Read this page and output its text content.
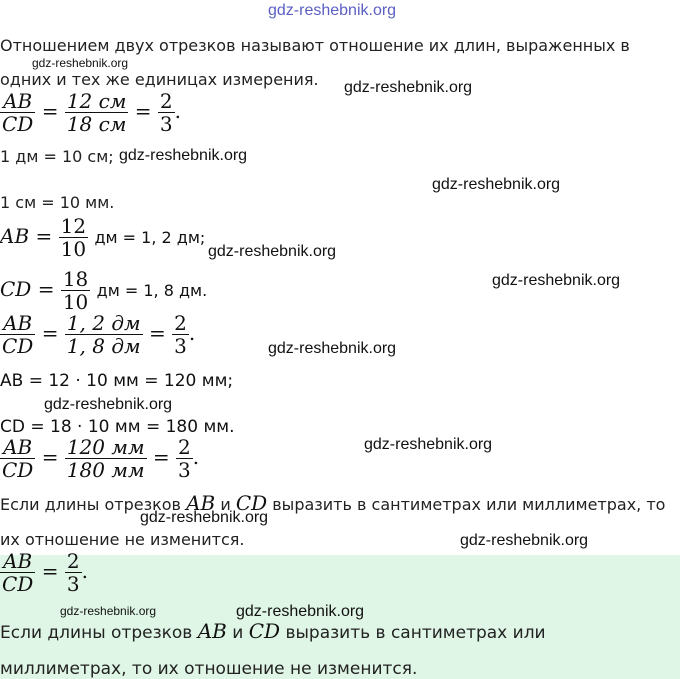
gdz-reshebnik.org
Отношением двух отрезков называют отношение их длин, выраженных в
gdz-reshebnik.org
одних и тех же единицах измерения. gdz-reshebnik.org
$\frac{AB}{CD} = \frac{12 см}{18 см} = \frac{2}{3}$ .
1 дм = 10 см; gdz-reshebnik.org
gdz-reshebnik.org
1 см = 10 мм.
AB = $\frac{12}{10}$ дм = 1, 2 дм;
gdz-reshebnik.org
gdz-reshebnik.org
CD = $\frac{18}{10}$ дм = 1, 8 дм.
$\frac{AB}{CD} = \frac{1, 2 дм}{1, 8 дм} = \frac{2}{3}$ .
gdz-reshebnik.org
AB = 12 · 10 мм = 120 мм;
gdz-reshebnik.org
CD = 18 · 10 мм = 180 мм.
$\frac{AB}{CD} = \frac{120 мм}{180 мм} = \frac{2}{3}$ .
gdz-reshebnik.org
Если длины отрезков AB и CD выразить в сантиметрах или миллиметрах, то
gdz-reshebnik.org
их отношение не изменится.	gdz-reshebnik.org
$\frac{AB}{CD} = \frac{2}{3}$ .
gdz-reshebnik.org	gdz-reshebnik.org
Если длины отрезков AB и CD выразить в сантиметрах или
миллиметрах, то их отношение не изменится.
